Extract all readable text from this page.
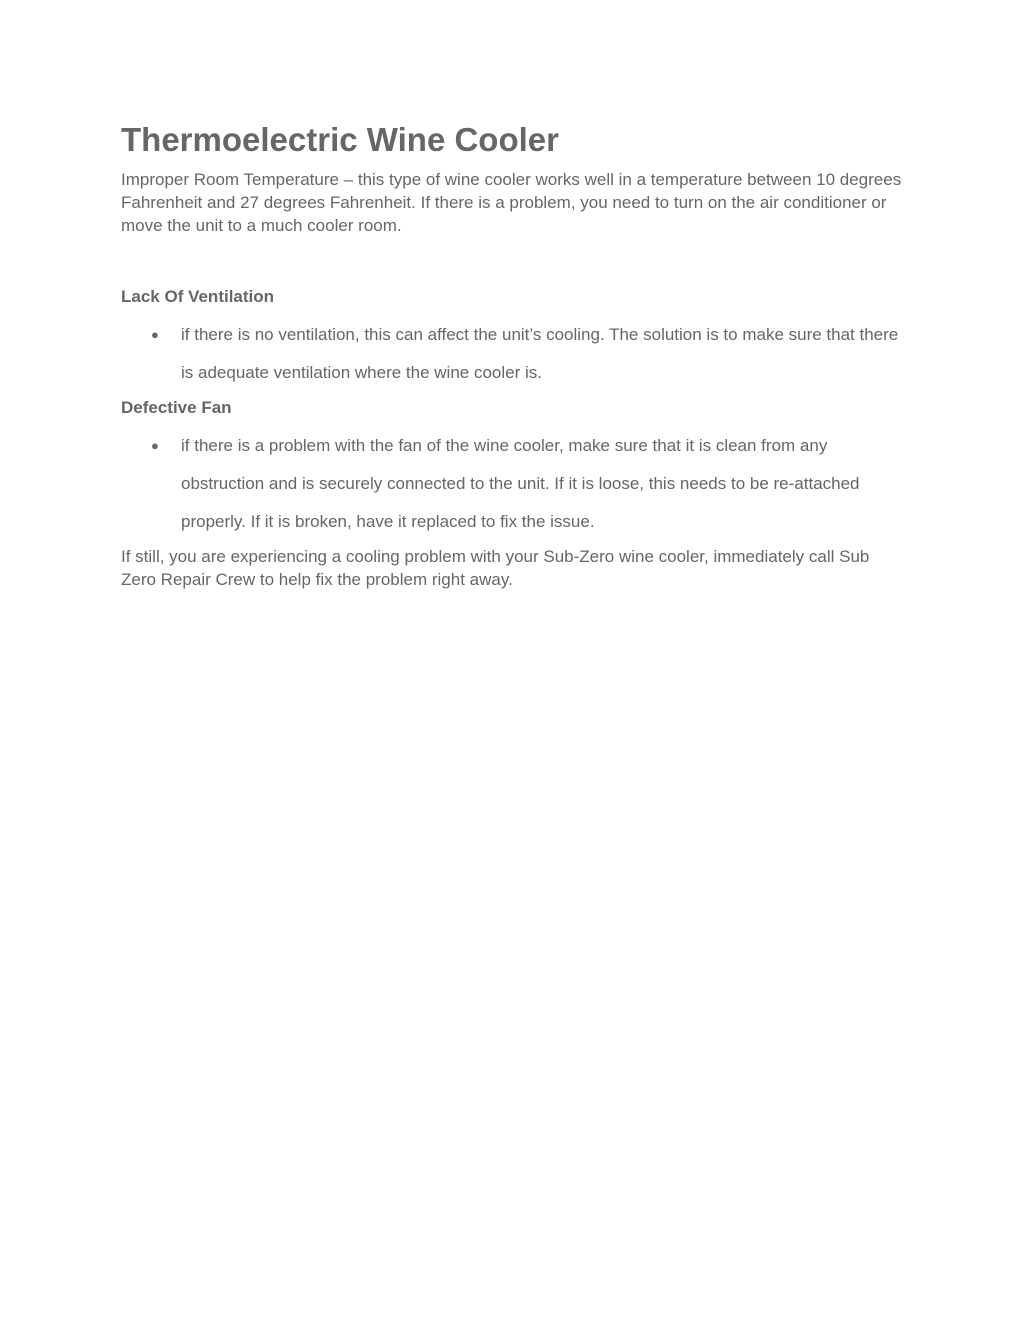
Thermoelectric Wine Cooler

Improper Room Temperature – this type of wine cooler works well in a temperature between 10 degrees Fahrenheit and 27 degrees Fahrenheit. If there is a problem, you need to turn on the air conditioner or move the unit to a much cooler room.

Lack Of Ventilation

● if there is no ventilation, this can affect the unit’s cooling. The solution is to make sure that there is adequate ventilation where the wine cooler is.

Defective Fan

● if there is a problem with the fan of the wine cooler, make sure that it is clean from any obstruction and is securely connected to the unit. If it is loose, this needs to be re-attached properly. If it is broken, have it replaced to fix the issue.

If still, you are experiencing a cooling problem with your Sub-Zero wine cooler, immediately call Sub Zero Repair Crew to help fix the problem right away.
